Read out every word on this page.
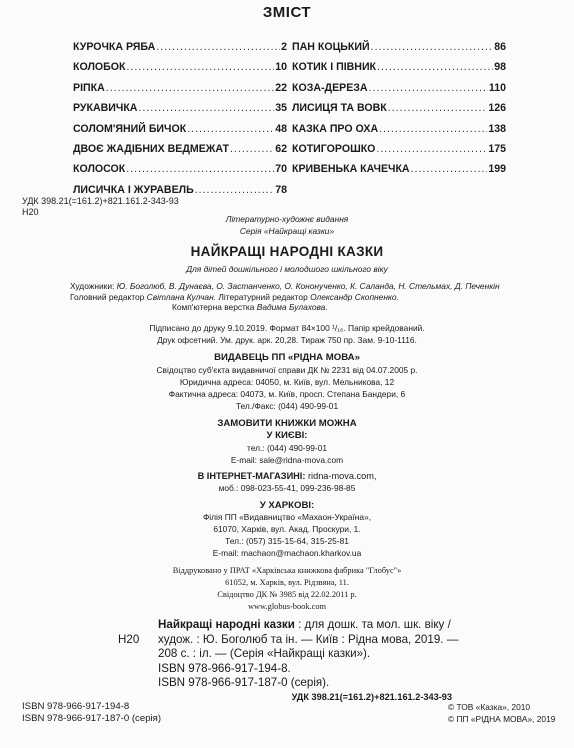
ЗМІСТ
КУРОЧКА РЯБА .....	2
КОЛОБОК .....	10
РІПКА .....	22
РУКАВИЧКА .....	35
СОЛОМ'ЯНИЙ БИЧОК .....	48
ДВОЄ ЖАДІБНИХ ВЕДМЕЖАТ .....	62
КОЛОСОК .....	70
ЛИСИЧКА І ЖУРАВЕЛЬ .....	78
ПАН КОЦЬКИЙ .....	86
КОТИК І ПІВНИК .....	98
КОЗА-ДЕРЕЗА .....	110
ЛИСИЦЯ ТА ВОВК .....	126
КАЗКА ПРО ОХА .....	138
КОТИГОРОШКО .....	175
КРИВЕНЬКА КАЧЕЧКА .....	199
УДК 398.21(=161.2)+821.161.2-343-93
Н20
Літературно-художнє видання
Серія «Найкращі казки»
НАЙКРАЩІ НАРОДНІ КАЗКИ
Для дітей дошкільного і молодшого шкільного віку
Художники: Ю. Боголюб, В. Дунаєва, О. Застанченко, О. Кононученко, К. Саланда, Н. Стельмах, Д. Печенкін
Головний редактор Світлана Кулчан. Літературний редактор Олександр Скопненко.
Комп'ютерна верстка Вадима Булахова.
Підписано до друку 9.10.2019. Формат 84×100 ¹/₁₆. Папір крейдований.
Друк офсетний. Ум. друк. арк. 20,28. Тираж 750 пр. Зам. 9-10-1116.
ВИДАВЕЦЬ ПП «РІДНА МОВА»
Свідоцтво суб'єкта видавничої справи ДК № 2231 від 04.07.2005 р.
Юридична адреса: 04050, м. Київ, вул. Мельникова, 12
Фактична адреса: 04073, м. Київ, просп. Степана Бандери, 6
Тел./Факс: (044) 490-99-01
ЗАМОВИТИ КНИЖКИ МОЖНА
У КИЄВІ:
тел.: (044) 490-99-01
E-mail: sale@ridna-mova.com
В ІНТЕРНЕТ-МАГАЗИНІ: ridna-mova.com,
моб.: 098-023-55-41, 099-236-98-85
У ХАРКОВІ:
Філія ПП «Видавництво «Махаон-Україна»,
61070, Харків, вул. Акад. Проскури, 1.
Тел.: (057) 315-15-64, 315-25-81
E-mail: machaon@machaon.kharkov.ua
Віддруковано у ПРАТ «Харківська книжкова фабрика "Глобус"»
61052, м. Харків, вул. Рідзвяна, 11.
Свідоцтво ДК № 3985 від 22.02.2011 р.
www.globus-book.com
Найкращі народні казки : для дошк. та мол. шк. віку /
Н20 худож. : Ю. Боголюб та ін. — Київ : Рідна мова, 2019. —
208 с. : іл. — (Серія «Найкращі казки»).
ISBN 978-966-917-194-8.
ISBN 978-966-917-187-0 (серія).
УДК 398.21(=161.2)+821.161.2-343-93
ISBN 978-966-917-194-8
ISBN 978-966-917-187-0 (серія)
© ТОВ «Казка», 2010
© ПП «РІДНА МОВА», 2019
